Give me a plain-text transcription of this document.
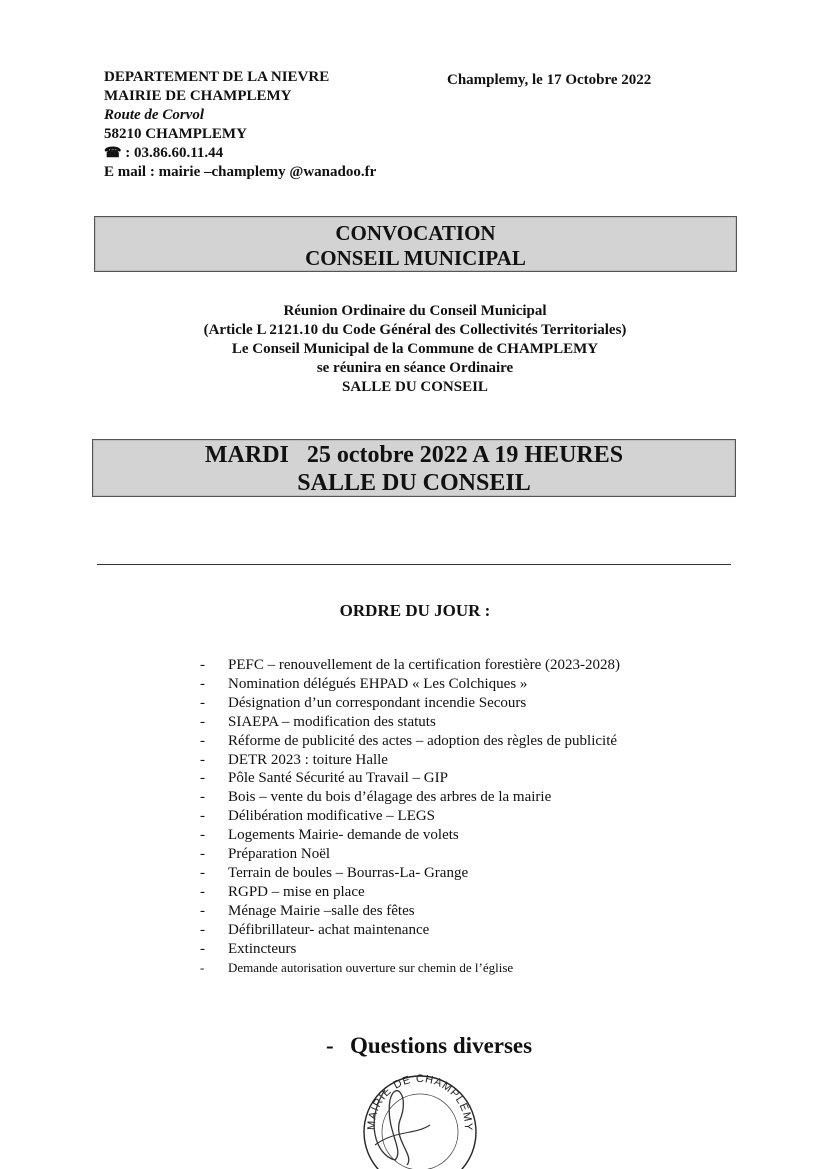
DEPARTEMENT DE LA NIEVRE
MAIRIE DE CHAMPLEMY
Route de Corvol
58210 CHAMPLEMY
☎ : 03.86.60.11.44
E mail : mairie –champlemy @wanadoo.fr
Champlemy, le 17 Octobre 2022
CONVOCATION
CONSEIL MUNICIPAL
Réunion Ordinaire du Conseil Municipal
(Article L 2121.10 du Code Général des Collectivités Territoriales)
Le Conseil Municipal de la Commune de CHAMPLEMY
se réunira en séance Ordinaire
SALLE DU CONSEIL
MARDI   25 octobre 2022 A 19 HEURES
SALLE DU CONSEIL
ORDRE DU JOUR :
- PEFC – renouvellement de la certification forestière (2023-2028)
- Nomination délégués EHPAD « Les Colchiques »
- Désignation d’un correspondant incendie Secours
- SIAEPA – modification des statuts
- Réforme de publicité des actes – adoption des règles de publicité
- DETR 2023 : toiture Halle
- Pôle Santé Sécurité au Travail – GIP
- Bois – vente du bois d’élagage des arbres de la mairie
- Délibération modificative – LEGS
- Logements Mairie- demande de volets
- Préparation Noël
- Terrain de boules – Bourras-La- Grange
- RGPD – mise en place
- Ménage Mairie –salle des fêtes
- Défibrillateur- achat maintenance
- Extincteurs
- Demande autorisation ouverture sur chemin de l’église
- Questions diverses
MAIRIE DE CHAMPLEMY
